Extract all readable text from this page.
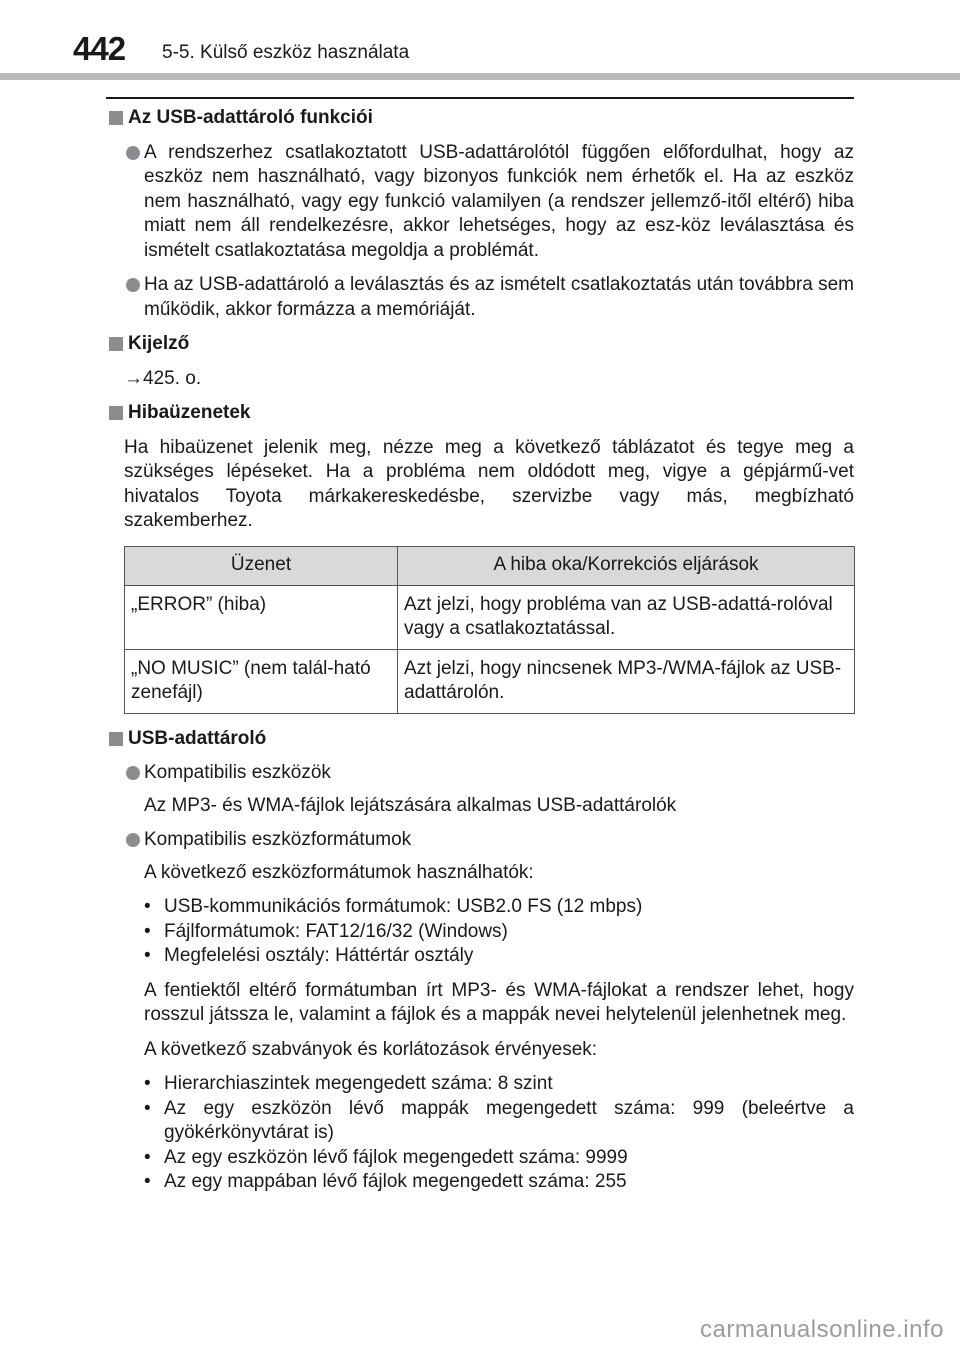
442 5-5. Külső eszköz használata
Az USB-adattároló funkciói
A rendszerhez csatlakoztatott USB-adattárolótól függően előfordulhat, hogy az eszköz nem használható, vagy bizonyos funkciók nem érhetők el. Ha az eszköz nem használható, vagy egy funkció valamilyen (a rendszer jellemző-itől eltérő) hiba miatt nem áll rendelkezésre, akkor lehetséges, hogy az esz-köz leválasztása és ismételt csatlakoztatása megoldja a problémát.
Ha az USB-adattároló a leválasztás és az ismételt csatlakoztatás után továbbra sem működik, akkor formázza a memóriáját.
Kijelző
→425. o.
Hibaüzenetek
Ha hibaüzenet jelenik meg, nézze meg a következő táblázatot és tegye meg a szükséges lépéseket. Ha a probléma nem oldódott meg, vigye a gépjármű-vet hivatalos Toyota márkakereskedésbe, szervizbe vagy más, megbízható szakemberhez.
Üzenet	A hiba oka/Korrekciós eljárások
„ERROR” (hiba)	Azt jelzi, hogy probléma van az USB-adattá-rolóval vagy a csatlakoztatással.
„NO MUSIC” (nem talál-ható zenefájl)	Azt jelzi, hogy nincsenek MP3-/WMA-fájlok az USB-adattárolón.
USB-adattároló
Kompatibilis eszközök
Az MP3- és WMA-fájlok lejátszására alkalmas USB-adattárolók
Kompatibilis eszközformátumok
A következő eszközformátumok használhatók:
• USB-kommunikációs formátumok: USB2.0 FS (12 mbps)
• Fájlformátumok: FAT12/16/32 (Windows)
• Megfelelési osztály: Háttértár osztály
A fentiektől eltérő formátumban írt MP3- és WMA-fájlokat a rendszer lehet, hogy rosszul játssza le, valamint a fájlok és a mappák nevei helytelenül jelenhetnek meg.
A következő szabványok és korlátozások érvényesek:
• Hierarchiaszintek megengedett száma: 8 szint
• Az egy eszközön lévő mappák megengedett száma: 999 (beleértve a gyökérkönyvtárat is)
• Az egy eszközön lévő fájlok megengedett száma: 9999
• Az egy mappában lévő fájlok megengedett száma: 255
carmanualsonline.info
